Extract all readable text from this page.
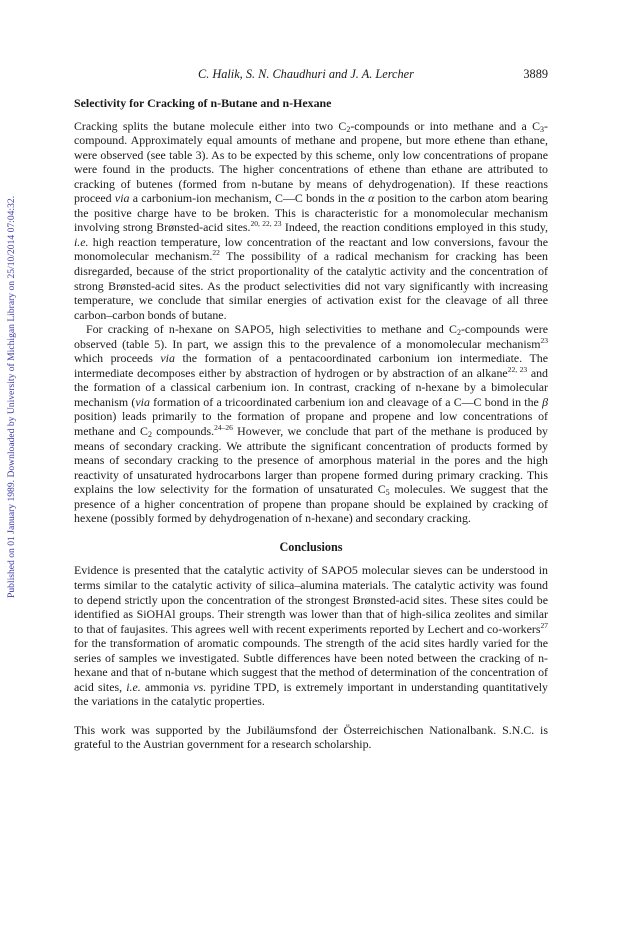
Published on 01 January 1989. Downloaded by University of Michigan Library on 25/10/2014 07:04:32.
C. Halik, S. N. Chaudhuri and J. A. Lercher	3889
Selectivity for Cracking of n-Butane and n-Hexane

Cracking splits the butane molecule either into two $C_2$-compounds or into methane and a $C_3$-compound. Approximately equal amounts of methane and propene, but more ethene than ethane, were observed (see table 3). As to be expected by this scheme, only low concentrations of propane were found in the products. The higher concentrations of ethene than ethane are attributed to cracking of butenes (formed from n-butane by means of dehydrogenation). If these reactions proceed via a carbonium-ion mechanism, C—C bonds in the α position to the carbon atom bearing the positive charge have to be broken. This is characteristic for a monomolecular mechanism involving strong Brønsted-acid sites.$^{20, 22, 23}$ Indeed, the reaction conditions employed in this study, i.e. high reaction temperature, low concentration of the reactant and low conversions, favour the monomolecular mechanism.$^{22}$ The possibility of a radical mechanism for cracking has been disregarded, because of the strict proportionality of the catalytic activity and the concentration of strong Brønsted-acid sites. As the product selectivities did not vary significantly with increasing temperature, we conclude that similar energies of activation exist for the cleavage of all three carbon–carbon bonds of butane.

For cracking of n-hexane on SAPO5, high selectivities to methane and $C_2$-compounds were observed (table 5). In part, we assign this to the prevalence of a monomolecular mechanism$^{23}$ which proceeds via the formation of a pentacoordinated carbonium ion intermediate. The intermediate decomposes either by abstraction of hydrogen or by abstraction of an alkane$^{22, 23}$ and the formation of a classical carbenium ion. In contrast, cracking of n-hexane by a bimolecular mechanism (via formation of a tricoordinated carbenium ion and cleavage of a C—C bond in the β position) leads primarily to the formation of propane and propene and low concentrations of methane and $C_2$ compounds.$^{24-26}$ However, we conclude that part of the methane is produced by means of secondary cracking. We attribute the significant concentration of products formed by means of secondary cracking to the presence of amorphous material in the pores and the high reactivity of unsaturated hydrocarbons larger than propene formed during primary cracking. This explains the low selectivity for the formation of unsaturated $C_5$ molecules. We suggest that the presence of a higher concentration of propene than propane should be explained by cracking of hexene (possibly formed by dehydrogenation of n-hexane) and secondary cracking.

Conclusions

Evidence is presented that the catalytic activity of SAPO5 molecular sieves can be understood in terms similar to the catalytic activity of silica–alumina materials. The catalytic activity was found to depend strictly upon the concentration of the strongest Brønsted-acid sites. These sites could be identified as SiOHAl groups. Their strength was lower than that of high-silica zeolites and similar to that of faujasites. This agrees well with recent experiments reported by Lechert and co-workers$^{27}$ for the transformation of aromatic compounds. The strength of the acid sites hardly varied for the series of samples we investigated. Subtle differences have been noted between the cracking of n-hexane and that of n-butane which suggest that the method of determination of the concentration of acid sites, i.e. ammonia vs. pyridine TPD, is extremely important in understanding quantitatively the variations in the catalytic properties.

This work was supported by the Jubiläumsfond der Österreichischen Nationalbank. S.N.C. is grateful to the Austrian government for a research scholarship.
